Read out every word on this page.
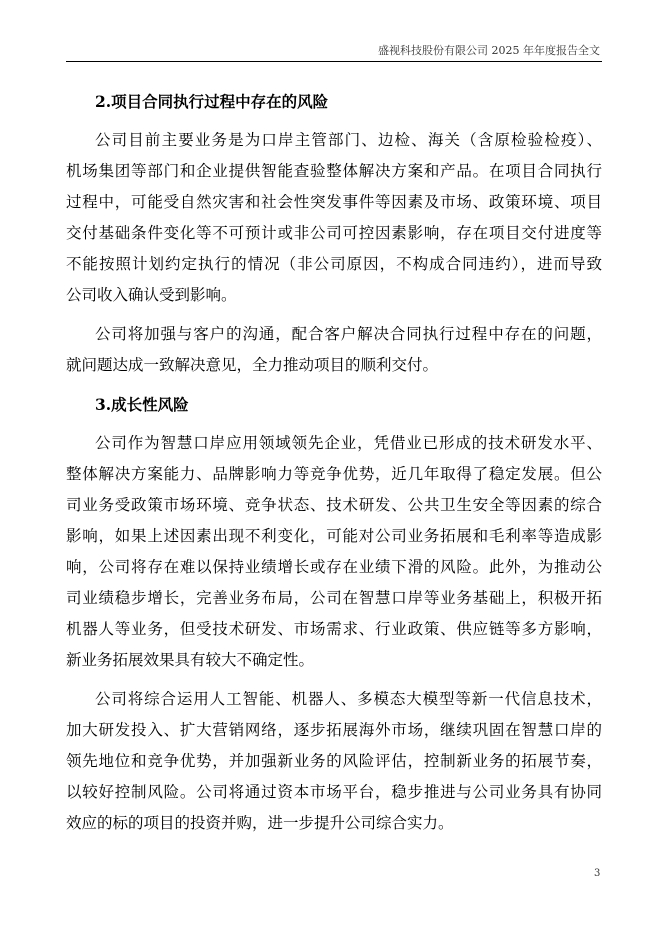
盛视科技股份有限公司 2025 年年度报告全文
2.项目合同执行过程中存在的风险
公司目前主要业务是为口岸主管部门、边检、海关（含原检验检疫）、
机场集团等部门和企业提供智能查验整体解决方案和产品。在项目合同执行
过程中，可能受自然灾害和社会性突发事件等因素及市场、政策环境、项目
交付基础条件变化等不可预计或非公司可控因素影响，存在项目交付进度等
不能按照计划约定执行的情况（非公司原因，不构成合同违约），进而导致
公司收入确认受到影响。
公司将加强与客户的沟通，配合客户解决合同执行过程中存在的问题，
就问题达成一致解决意见，全力推动项目的顺利交付。
3.成长性风险
公司作为智慧口岸应用领域领先企业，凭借业已形成的技术研发水平、
整体解决方案能力、品牌影响力等竞争优势，近几年取得了稳定发展。但公
司业务受政策市场环境、竞争状态、技术研发、公共卫生安全等因素的综合
影响，如果上述因素出现不利变化，可能对公司业务拓展和毛利率等造成影
响，公司将存在难以保持业绩增长或存在业绩下滑的风险。此外，为推动公
司业绩稳步增长，完善业务布局，公司在智慧口岸等业务基础上，积极开拓
机器人等业务，但受技术研发、市场需求、行业政策、供应链等多方影响，
新业务拓展效果具有较大不确定性。
公司将综合运用人工智能、机器人、多模态大模型等新一代信息技术，
加大研发投入、扩大营销网络，逐步拓展海外市场，继续巩固在智慧口岸的
领先地位和竞争优势，并加强新业务的风险评估，控制新业务的拓展节奏，
以较好控制风险。公司将通过资本市场平台，稳步推进与公司业务具有协同
效应的标的项目的投资并购，进一步提升公司综合实力。
3
